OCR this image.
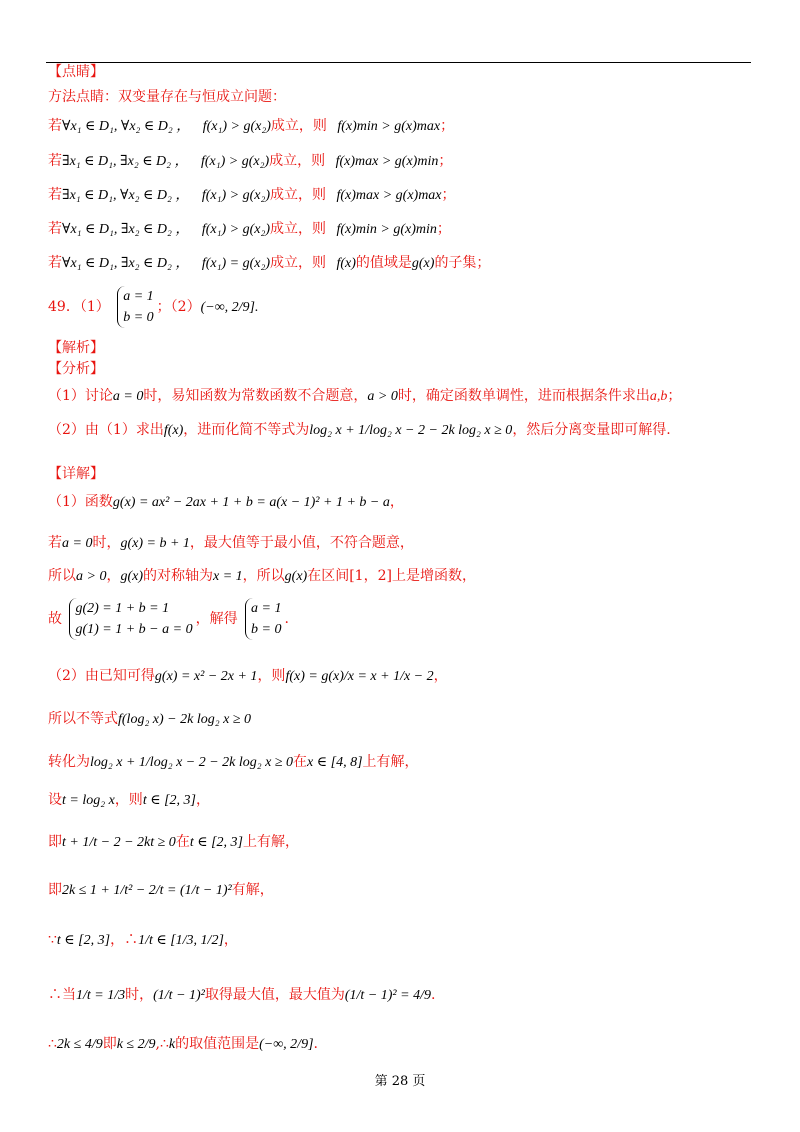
【点睛】
方法点睛：双变量存在与恒成立问题：
若∀x₁ ∈ D₁, ∀x₂ ∈ D₂ ， f(x₁) > g(x₂)成立，则 f(x)min > g(x)max；
若∃x₁ ∈ D₁, ∃x₂ ∈ D₂ ， f(x₁) > g(x₂)成立，则 f(x)max > g(x)min；
若∃x₁ ∈ D₁, ∀x₂ ∈ D₂ ， f(x₁) > g(x₂)成立，则 f(x)max > g(x)max；
若∀x₁ ∈ D₁, ∃x₂ ∈ D₂ ， f(x₁) > g(x₂)成立，则 f(x)min > g(x)min；
若∀x₁ ∈ D₁, ∃x₂ ∈ D₂ ， f(x₁) = g(x₂)成立，则 f(x)的值域是g(x)的子集；
49．（1）
a = 1
b = 0
；（2）(−∞, 2/9].
【解析】
【分析】
（1）讨论a = 0时，易知函数为常数函数不合题意，a > 0时，确定函数单调性，进而根据条件求出a,b；
（2）由（1）求出f(x)，进而化简不等式为log₂ x + 1/log₂ x − 2 − 2k log₂ x ≥ 0，然后分离变量即可解得.
【详解】
（1）函数g(x) = ax² − 2ax + 1 + b = a(x − 1)² + 1 + b − a，
若a = 0时，g(x) = b + 1，最大值等于最小值，不符合题意，
所以a > 0，g(x)的对称轴为x = 1，所以g(x)在区间[1，2]上是增函数，
故
g(2) = 1 + b = 1
g(1) = 1 + b − a = 0
，解得
a = 1
b = 0
.
（2）由已知可得g(x) = x² − 2x + 1，则f(x) = g(x)/x = x + 1/x − 2，
所以不等式f(log₂ x) − 2k log₂ x ≥ 0
转化为log₂ x + 1/log₂ x − 2 − 2k log₂ x ≥ 0在x ∈ [4, 8]上有解，
设t = log₂ x，则t ∈ [2, 3]，
即t + 1/t − 2 − 2kt ≥ 0在t ∈ [2, 3]上有解，
即2k ≤ 1 + 1/t² − 2/t = (1/t − 1)²有解，
∵t ∈ [2, 3]，∴1/t ∈ [1/3, 1/2]，
∴当1/t = 1/3时，(1/t − 1)²取得最大值，最大值为(1/t − 1)² = 4/9.
∴2k ≤ 4/9即k ≤ 2/9,∴k的取值范围是(−∞, 2/9].
第 28 页
